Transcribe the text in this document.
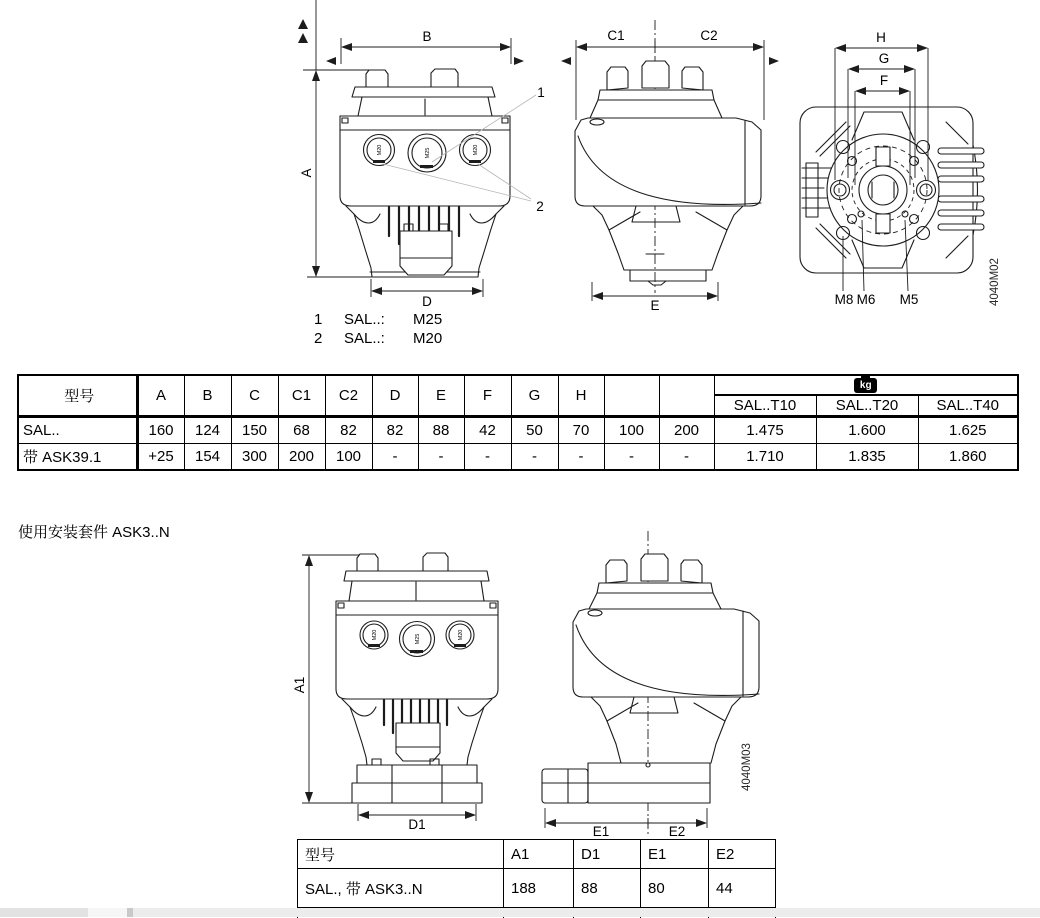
A
B
M20	M25	M20
D
1
2
C1	C2
E
H
G
F
M8 M6 M5	4040M02
1	SAL..:	M25
2	SAL..:	M20
型号	A	B	C	C1	C2	D	E	F	G	H			kg		

													SAL..T10	SAL..T20	SAL..T40
SAL..	160	124	150	68	82	82	88	42	50	70	100	200	1.475	1.600	1.625
带 ASK39.1	+25	154	300	200	100	-	-	-	-	-	-	-	1.710	1.835	1.860
使用安装套件 ASK3..N
A1
M20	M25	M20
D1	E1	E2
4040M03
型号	A1	D1	E1	E2
SAL., 带 ASK3..N	188	88	80	44
